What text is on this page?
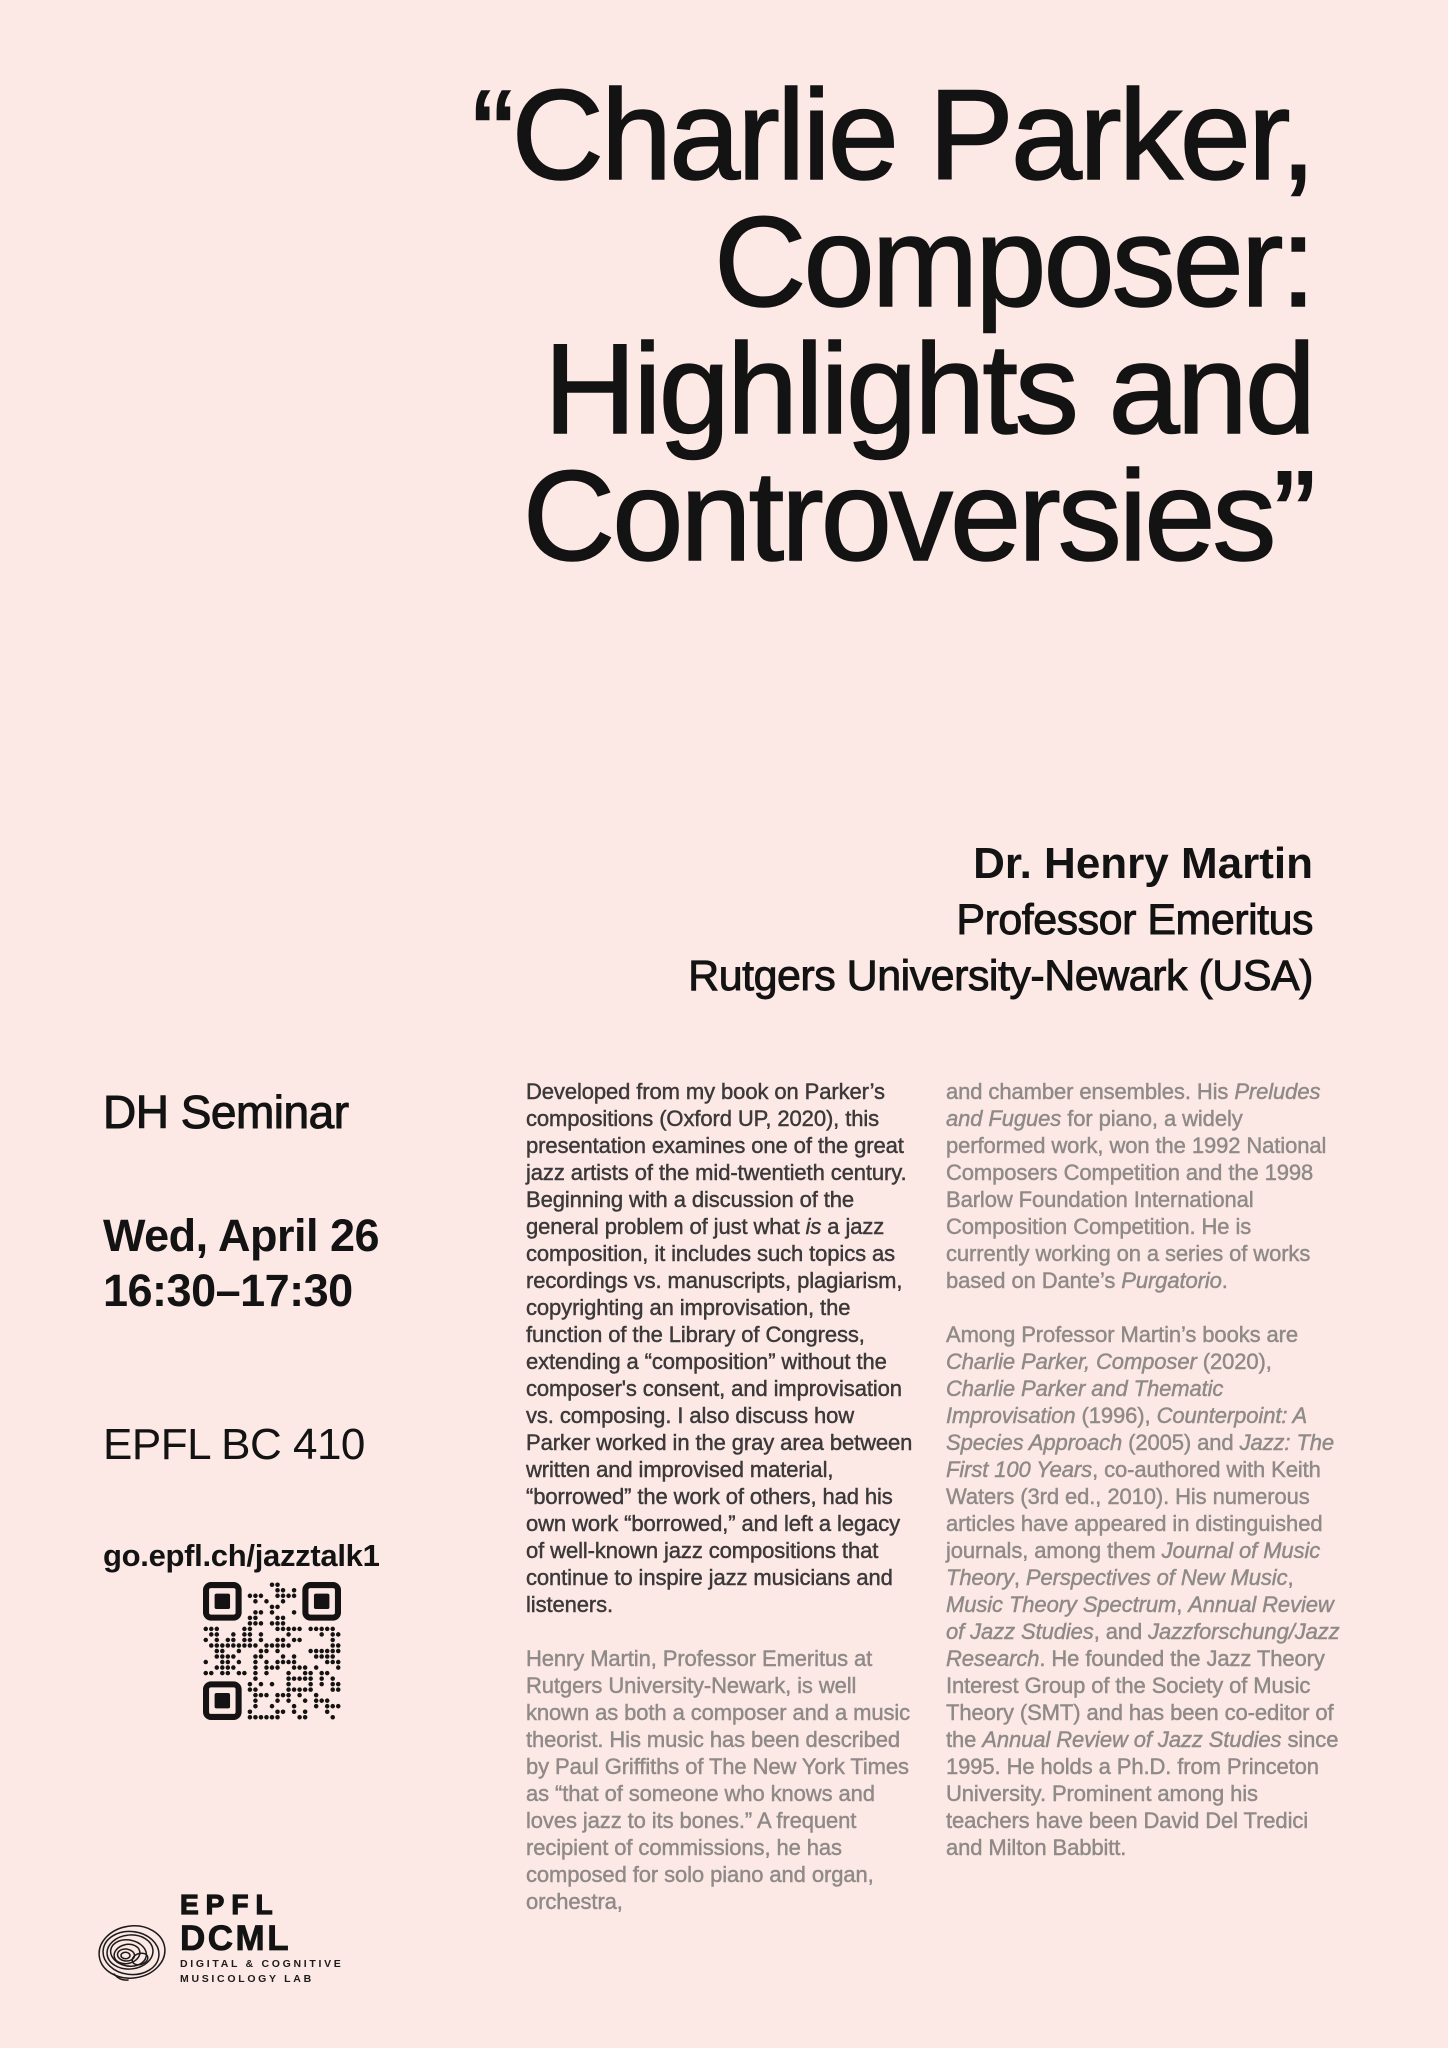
“Charlie Parker,
Composer:
Highlights and
Controversies”
Dr. Henry Martin
Professor Emeritus
Rutgers University-Newark (USA)
DH Seminar
Wed, April 26
16:30–17:30
EPFL BC 410
go.epfl.ch/jazztalk1
EPFL
DCML
DIGITAL & COGNITIVE
MUSICOLOGY LAB

Developed from my book on Parker’s compositions (Oxford UP, 2020), this presentation examines one of the great jazz artists of the mid-twentieth century. Beginning with a discussion of the general problem of just what is a jazz composition, it includes such topics as recordings vs. manuscripts, plagiarism, copyrighting an improvisation, the function of the Library of Congress, extending a “composition” without the composer's consent, and improvisation vs. composing. I also discuss how Parker worked in the gray area between written and improvised material, “borrowed” the work of others, had his own work “borrowed,” and left a legacy of well-known jazz compositions that continue to inspire jazz musicians and listeners.

Henry Martin, Professor Emeritus at Rutgers University-Newark, is well known as both a composer and a music theorist. His music has been described by Paul Griffiths of The New York Times as “that of someone who knows and loves jazz to its bones.” A frequent recipient of commissions, he has composed for solo piano and organ, orchestra,

and chamber ensembles. His Preludes and Fugues for piano, a widely performed work, won the 1992 National Composers Competition and the 1998 Barlow Foundation International Composition Competition. He is currently working on a series of works based on Dante’s Purgatorio.

Among Professor Martin’s books are Charlie Parker, Composer (2020), Charlie Parker and Thematic Improvisation (1996), Counterpoint: A Species Approach (2005) and Jazz: The First 100 Years, co-authored with Keith Waters (3rd ed., 2010). His numerous articles have appeared in distinguished journals, among them Journal of Music Theory, Perspectives of New Music, Music Theory Spectrum, Annual Review of Jazz Studies, and Jazzforschung/Jazz Research. He founded the Jazz Theory Interest Group of the Society of Music Theory (SMT) and has been co-editor of the Annual Review of Jazz Studies since 1995. He holds a Ph.D. from Princeton University. Prominent among his teachers have been David Del Tredici and Milton Babbitt.
